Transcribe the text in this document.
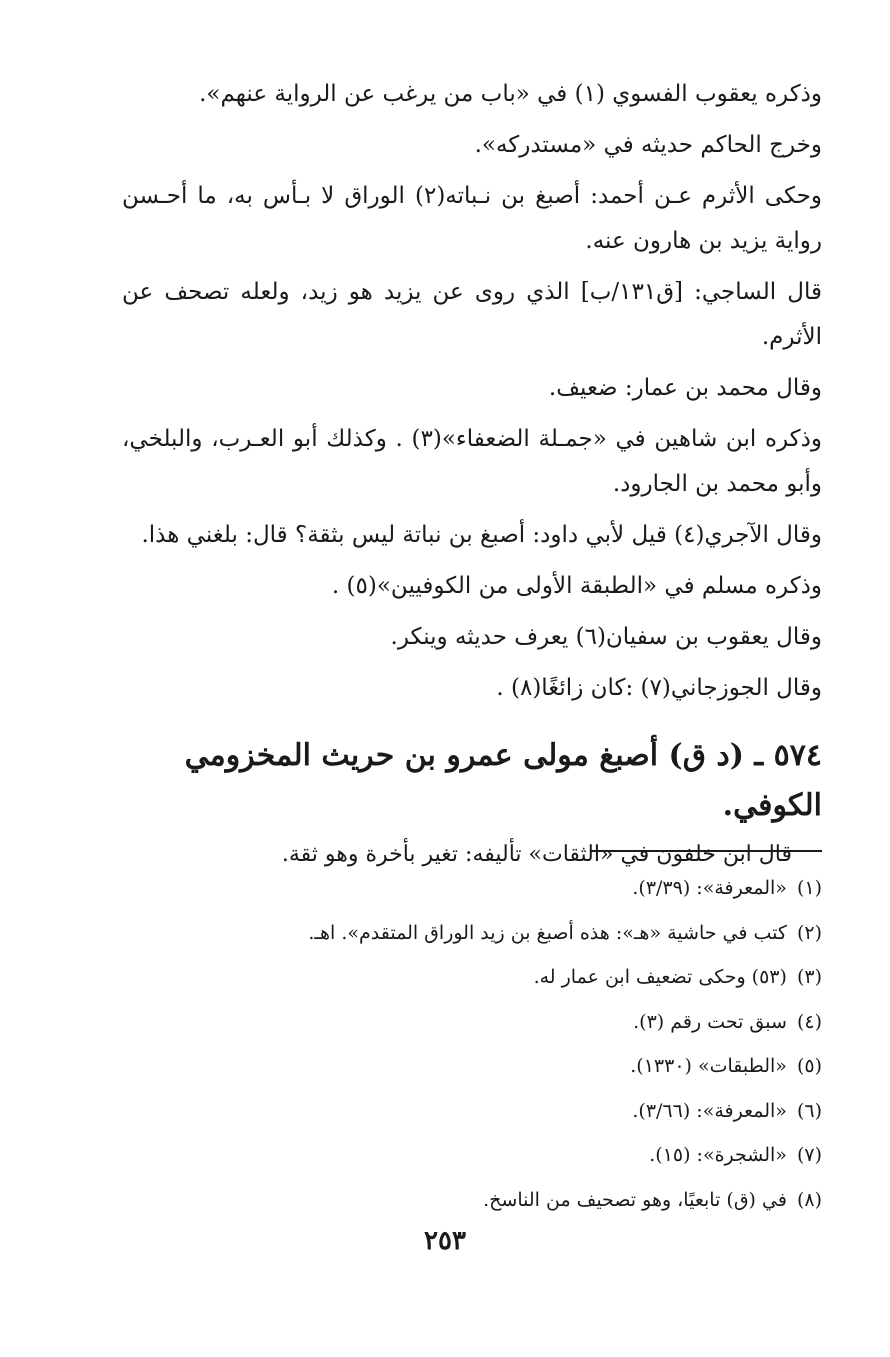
وذكره يعقوب الفسوي (١) في «باب من يرغب عن الرواية عنهم».

وخرج الحاكم حديثه في «مستدركه».

وحكى الأثرم عـن أحمد: أصبغ بن نـباته(٢) الوراق لا بـأس به، ما أحـسن رواية يزيد بن هارون عنه.

قال الساجي: [ق١٣١/ب] الذي روى عن يزيد هو زيد، ولعله تصحف عن الأثرم.

وقال محمد بن عمار: ضعيف.

وذكره ابن شاهين في «جمـلة الضعفاء»(٣) . وكذلك أبو العـرب، والبلخي، وأبو محمد بن الجارود.

وقال الآجري(٤) قيل لأبي داود: أصبغ بن نباتة ليس بثقة؟ قال: بلغني هذا.

وذكره مسلم في «الطبقة الأولى من الكوفيين»(٥) .

وقال يعقوب بن سفيان(٦) يعرف حديثه وينكر.

وقال الجوزجاني(٧) :كان زائغًا(٨) .

٥٧٤ ـ (د ق) أصبغ مولى عمرو بن حريث المخزومي الكوفي.

قال ابن خلفون في «الثقات» تأليفه: تغير بأخرة وهو ثقة.

(١)«المعرفة»: (٣/٣٩).
(٢)كتب في حاشية «هـ»: هذه أصبغ بن زيد الوراق المتقدم». اهـ.
(٣)(٥٣) وحكى تضعيف ابن عمار له.
(٤)سبق تحت رقم (٣).
(٥)«الطبقات» (١٣٣٠).
(٦)«المعرفة»: (٣/٦٦).
(٧)«الشجرة»: (١٥).
(٨)في (ق) تابعيًا، وهو تصحيف من الناسخ.
٢٥٣
